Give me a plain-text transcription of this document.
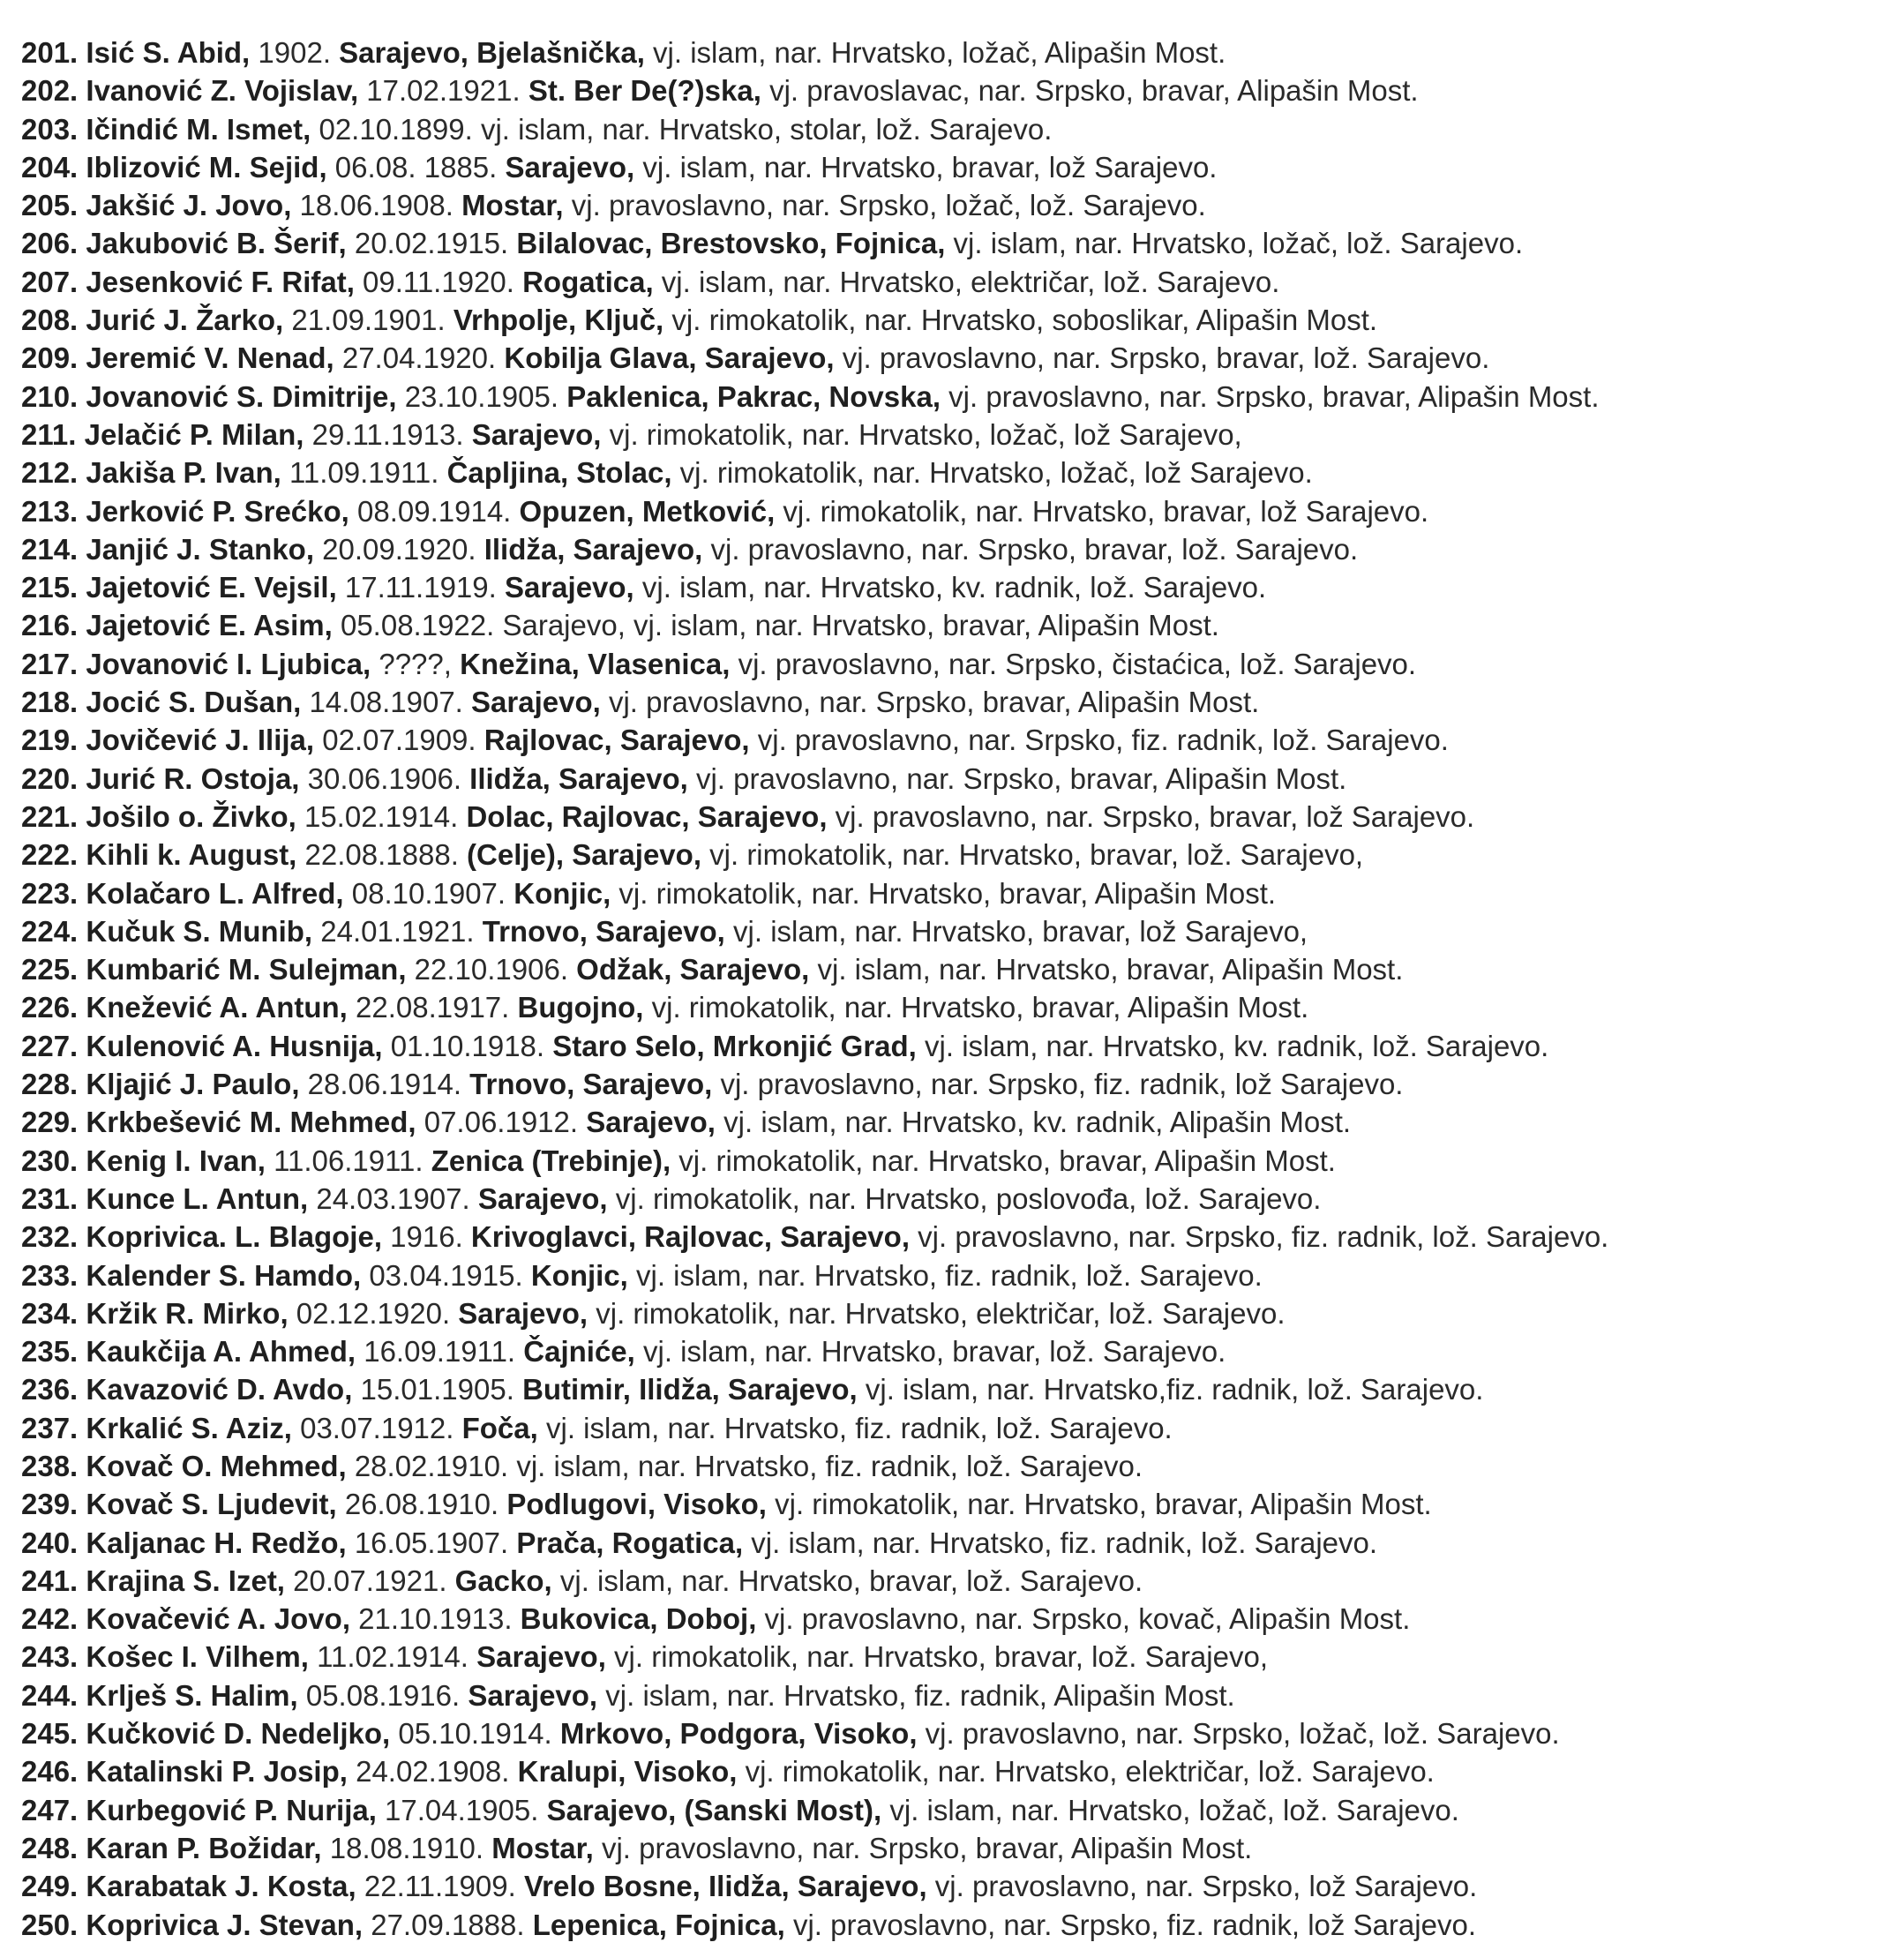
201. Isić S. Abid, 1902. Sarajevo, Bjelašnička, vj. islam, nar. Hrvatsko, ložač, Alipašin Most.
202. Ivanović Z. Vojislav, 17.02.1921. St. Ber De(?)ska, vj. pravoslavac, nar. Srpsko, bravar, Alipašin Most.
203. Ičindić M. Ismet, 02.10.1899. vj. islam, nar. Hrvatsko, stolar, lož. Sarajevo.
204. Iblizović M. Sejid, 06.08. 1885. Sarajevo, vj. islam, nar. Hrvatsko, bravar, lož Sarajevo.
205. Jakšić J. Jovo, 18.06.1908. Mostar, vj. pravoslavno, nar. Srpsko, ložač, lož. Sarajevo.
206. Jakubović B. Šerif, 20.02.1915. Bilalovac, Brestovsko, Fojnica, vj. islam, nar. Hrvatsko, ložač, lož. Sarajevo.
207. Jesenković F. Rifat, 09.11.1920. Rogatica, vj. islam, nar. Hrvatsko, električar, lož. Sarajevo.
208. Jurić J. Žarko, 21.09.1901. Vrhpolje, Ključ, vj. rimokatolik, nar. Hrvatsko, soboslikar, Alipašin Most.
209. Jeremić V. Nenad, 27.04.1920. Kobilja Glava, Sarajevo, vj. pravoslavno, nar. Srpsko, bravar, lož. Sarajevo.
210. Jovanović S. Dimitrije, 23.10.1905. Paklenica, Pakrac, Novska, vj. pravoslavno, nar. Srpsko, bravar, Alipašin Most.
211. Jelačić P. Milan, 29.11.1913. Sarajevo, vj. rimokatolik, nar. Hrvatsko, ložač, lož Sarajevo,
212. Jakiša P. Ivan, 11.09.1911. Čapljina, Stolac, vj. rimokatolik, nar. Hrvatsko, ložač, lož Sarajevo.
213. Jerković P. Srećko, 08.09.1914. Opuzen, Metković, vj. rimokatolik, nar. Hrvatsko, bravar, lož Sarajevo.
214. Janjić J. Stanko, 20.09.1920. Ilidža, Sarajevo, vj. pravoslavno, nar. Srpsko, bravar, lož. Sarajevo.
215. Jajetović E. Vejsil, 17.11.1919. Sarajevo, vj. islam, nar. Hrvatsko, kv. radnik, lož. Sarajevo.
216. Jajetović E. Asim, 05.08.1922. Sarajevo, vj. islam, nar. Hrvatsko, bravar, Alipašin Most.
217. Jovanović I. Ljubica, ????, Knežina, Vlasenica, vj. pravoslavno, nar. Srpsko, čistaćica, lož. Sarajevo.
218. Jocić S. Dušan, 14.08.1907. Sarajevo, vj. pravoslavno, nar. Srpsko, bravar, Alipašin Most.
219. Jovičević J. Ilija, 02.07.1909. Rajlovac, Sarajevo, vj. pravoslavno, nar. Srpsko, fiz. radnik, lož. Sarajevo.
220. Jurić R. Ostoja, 30.06.1906. Ilidža, Sarajevo, vj. pravoslavno, nar. Srpsko, bravar, Alipašin Most.
221. Jošilo o. Živko, 15.02.1914. Dolac, Rajlovac, Sarajevo, vj. pravoslavno, nar. Srpsko, bravar, lož Sarajevo.
222. Kihli k. August, 22.08.1888. (Celje), Sarajevo, vj. rimokatolik, nar. Hrvatsko, bravar, lož. Sarajevo,
223. Kolačaro L. Alfred, 08.10.1907. Konjic, vj. rimokatolik, nar. Hrvatsko, bravar, Alipašin Most.
224. Kučuk S. Munib, 24.01.1921. Trnovo, Sarajevo, vj. islam, nar. Hrvatsko, bravar, lož Sarajevo,
225. Kumbarić M. Sulejman, 22.10.1906. Odžak, Sarajevo, vj. islam, nar. Hrvatsko, bravar, Alipašin Most.
226. Knežević A. Antun, 22.08.1917. Bugojno, vj. rimokatolik, nar. Hrvatsko, bravar, Alipašin Most.
227. Kulenović A. Husnija, 01.10.1918. Staro Selo, Mrkonjić Grad, vj. islam, nar. Hrvatsko, kv. radnik, lož. Sarajevo.
228. Kljajić J. Paulo, 28.06.1914. Trnovo, Sarajevo, vj. pravoslavno, nar. Srpsko, fiz. radnik, lož Sarajevo.
229. Krkbešević M. Mehmed, 07.06.1912. Sarajevo, vj. islam, nar. Hrvatsko, kv. radnik, Alipašin Most.
230. Kenig I. Ivan, 11.06.1911. Zenica (Trebinje), vj. rimokatolik, nar. Hrvatsko, bravar, Alipašin Most.
231. Kunce L. Antun, 24.03.1907. Sarajevo, vj. rimokatolik, nar. Hrvatsko, poslovođa, lož. Sarajevo.
232. Koprivica. L. Blagoje, 1916. Krivoglavci, Rajlovac, Sarajevo, vj. pravoslavno, nar. Srpsko, fiz. radnik, lož. Sarajevo.
233. Kalender S. Hamdo, 03.04.1915. Konjic, vj. islam, nar. Hrvatsko, fiz. radnik, lož. Sarajevo.
234. Kržik R. Mirko, 02.12.1920. Sarajevo, vj. rimokatolik, nar. Hrvatsko, električar, lož. Sarajevo.
235. Kaukčija A. Ahmed, 16.09.1911. Čajniće, vj. islam, nar. Hrvatsko, bravar, lož. Sarajevo.
236. Kavazović D. Avdo, 15.01.1905. Butimir, Ilidža, Sarajevo, vj. islam, nar. Hrvatsko,fiz. radnik, lož. Sarajevo.
237. Krkalić S. Aziz, 03.07.1912. Foča, vj. islam, nar. Hrvatsko, fiz. radnik, lož. Sarajevo.
238. Kovač O. Mehmed, 28.02.1910. vj. islam, nar. Hrvatsko, fiz. radnik, lož. Sarajevo.
239. Kovač S. Ljudevit, 26.08.1910. Podlugovi, Visoko, vj. rimokatolik, nar. Hrvatsko, bravar, Alipašin Most.
240. Kaljanac H. Redžo, 16.05.1907. Prača, Rogatica, vj. islam, nar. Hrvatsko, fiz. radnik, lož. Sarajevo.
241. Krajina S. Izet, 20.07.1921. Gacko, vj. islam, nar. Hrvatsko, bravar, lož. Sarajevo.
242. Kovačević A. Jovo, 21.10.1913. Bukovica, Doboj, vj. pravoslavno, nar. Srpsko, kovač, Alipašin Most.
243. Košec I. Vilhem, 11.02.1914. Sarajevo, vj. rimokatolik, nar. Hrvatsko, bravar, lož. Sarajevo,
244. Krlješ S. Halim, 05.08.1916. Sarajevo, vj. islam, nar. Hrvatsko, fiz. radnik, Alipašin Most.
245. Kučković D. Nedeljko, 05.10.1914. Mrkovo, Podgora, Visoko, vj. pravoslavno, nar. Srpsko, ložač, lož. Sarajevo.
246. Katalinski P. Josip, 24.02.1908. Kralupi, Visoko, vj. rimokatolik, nar. Hrvatsko, električar, lož. Sarajevo.
247. Kurbegović P. Nurija, 17.04.1905. Sarajevo, (Sanski Most), vj. islam, nar. Hrvatsko, ložač, lož. Sarajevo.
248. Karan P. Božidar, 18.08.1910. Mostar, vj. pravoslavno, nar. Srpsko, bravar, Alipašin Most.
249. Karabatak J. Kosta, 22.11.1909. Vrelo Bosne, Ilidža, Sarajevo, vj. pravoslavno, nar. Srpsko, lož Sarajevo.
250. Koprivica J. Stevan, 27.09.1888. Lepenica, Fojnica, vj. pravoslavno, nar. Srpsko, fiz. radnik, lož Sarajevo.
